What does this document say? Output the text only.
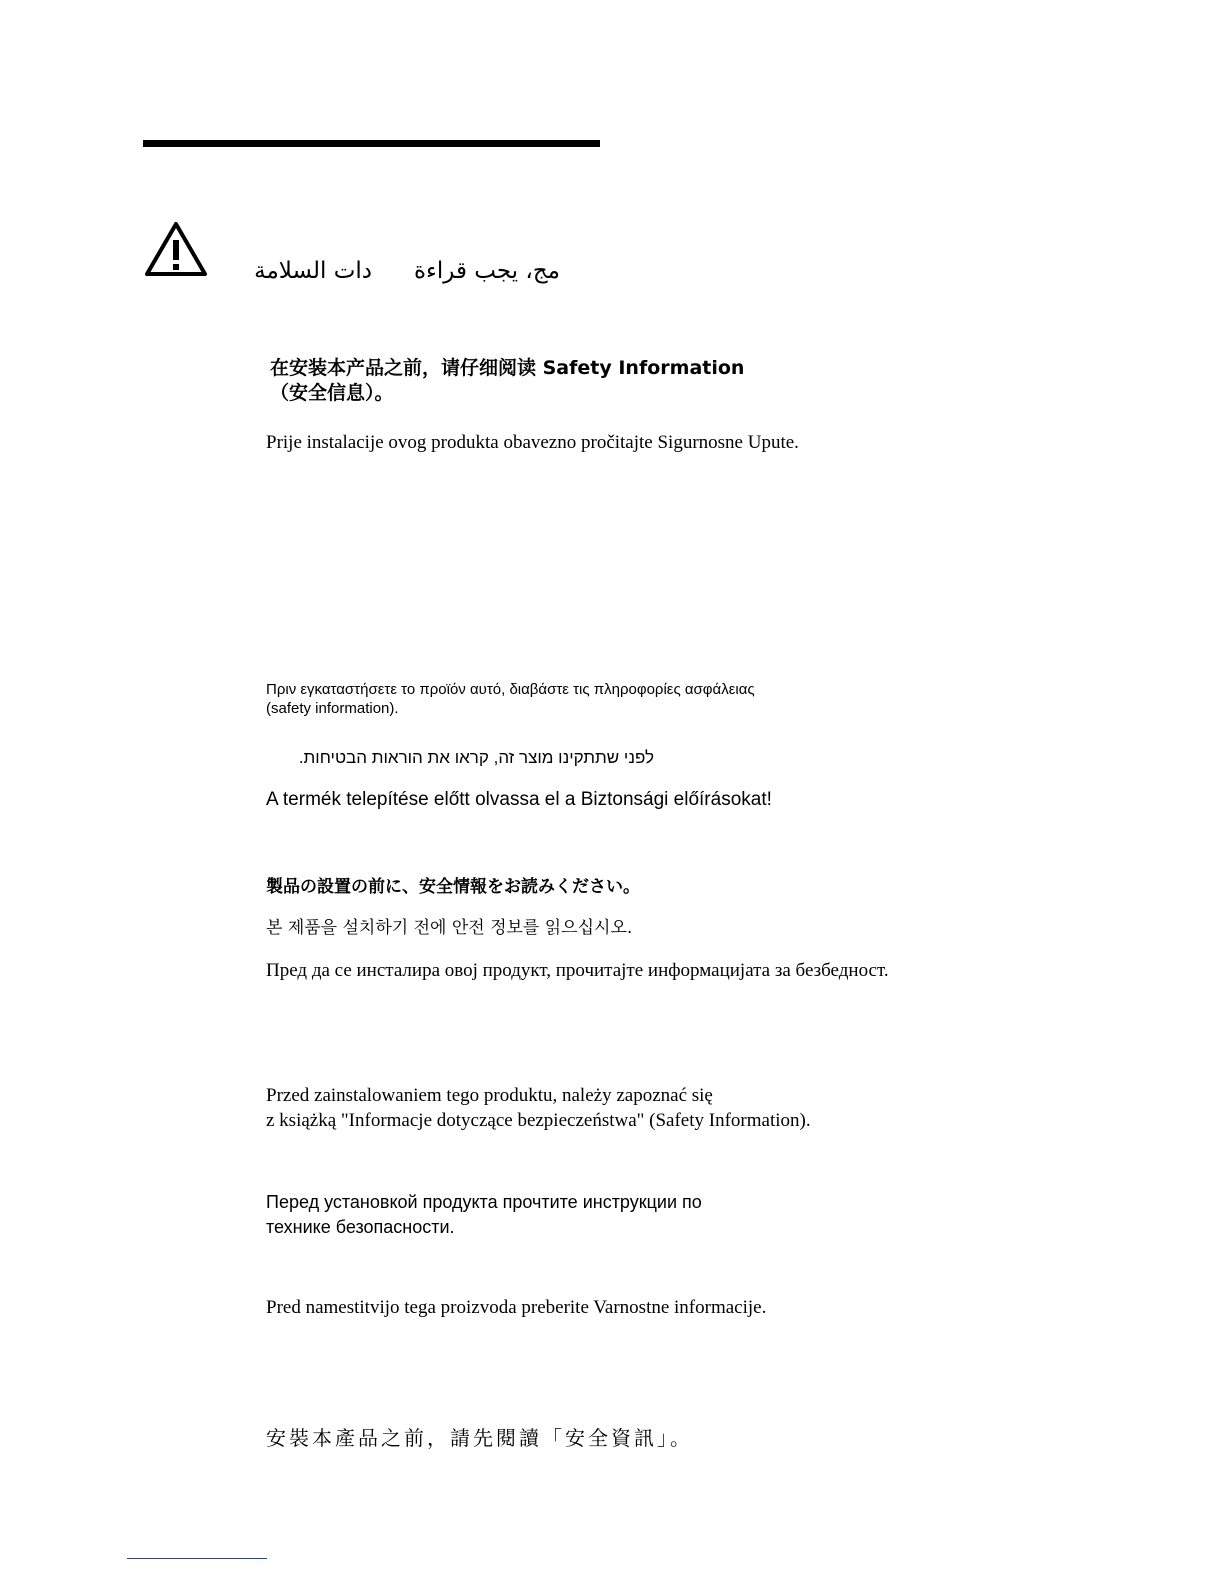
مج، يجب قراءةدات السلامة

在安装本产品之前，请仔细阅读 Safety Information
（安全信息）。

Prije instalacije ovog produkta obavezno pročitajte Sigurnosne Upute.

Πριν εγκαταστήσετε το προϊόν αυτό, διαβάστε τις πληροφορίες ασφάλειας
(safety information).

לפני שתתקינו מוצר זה, קראו את הוראות הבטיחות.

A termék telepítése előtt olvassa el a Biztonsági előírásokat!

製品の設置の前に、安全情報をお読みください。

본 제품을 설치하기 전에 안전 정보를 읽으십시오.

Пред да се инсталира овој продукт, прочитајте информацијата за безбедност.

Przed zainstalowaniem tego produktu, należy zapoznać się
z książką "Informacje dotyczące bezpieczeństwa" (Safety Information).

Перед установкой продукта прочтите инструкции по
технике безопасности.

Pred namestitvijo tega proizvoda preberite Varnostne informacije.

安裝本產品之前，請先閱讀「安全資訊」。
